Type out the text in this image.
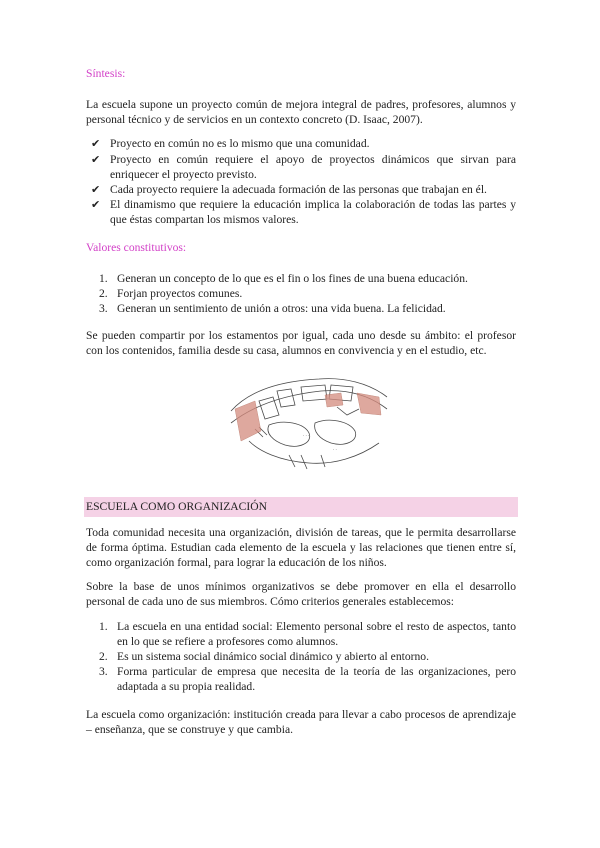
Síntesis:

La escuela supone un proyecto común de mejora integral de padres, profesores, alumnos y personal técnico y de servicios en un contexto concreto (D. Isaac, 2007).

✔ Proyecto en común no es lo mismo que una comunidad.
✔ Proyecto en común requiere el apoyo de proyectos dinámicos que sirvan para enriquecer el proyecto previsto.
✔ Cada proyecto requiere la adecuada formación de las personas que trabajan en él.
✔ El dinamismo que requiere la educación implica la colaboración de todas las partes y que éstas compartan los mismos valores.
Valores constitutivos:
1. Generan un concepto de lo que es el fin o los fines de una buena educación.
2. Forjan proyectos comunes.
3. Generan un sentimiento de unión a otros: una vida buena. La felicidad.

Se pueden compartir por los estamentos por igual, cada uno desde su ámbito: el profesor con los contenidos, familia desde su casa, alumnos en convivencia y en el estudio, etc.

· · ·
· ·
ESCUELA COMO ORGANIZACIÓN

Toda comunidad necesita una organización, división de tareas, que le permita desarrollarse de forma óptima. Estudian cada elemento de la escuela y las relaciones que tienen entre sí, como organización formal, para lograr la educación de los niños.

Sobre la base de unos mínimos organizativos se debe promover en ella el desarrollo personal de cada uno de sus miembros. Cómo criterios generales establecemos:

1. La escuela en una entidad social: Elemento personal sobre el resto de aspectos, tanto en lo que se refiere a profesores como alumnos.
2. Es un sistema social dinámico social dinámico y abierto al entorno.
3. Forma particular de empresa que necesita de la teoría de las organizaciones, pero adaptada a su propia realidad.

La escuela como organización: institución creada para llevar a cabo procesos de aprendizaje – enseñanza, que se construye y que cambia.
